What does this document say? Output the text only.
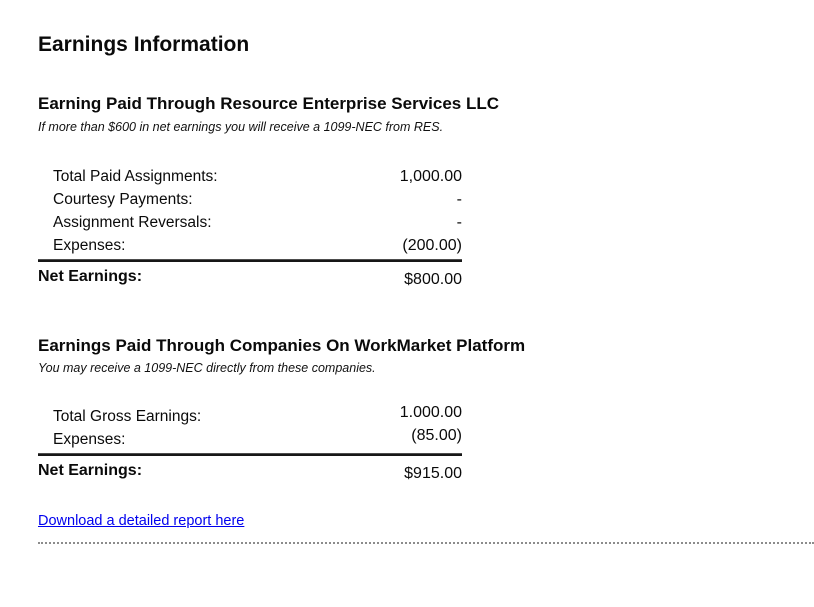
Earnings Information
Earning Paid Through Resource Enterprise Services LLC

If more than $600 in net earnings you will receive a 1099-NEC from RES.

Total Paid Assignments:	1,000.00
Courtesy Payments:	-
Assignment Reversals:	-
Expenses:	(200.00)
Net Earnings:	$800.00
Earnings Paid Through Companies On WorkMarket Platform

You may receive a 1099-NEC directly from these companies.

Total Gross Earnings:	1.000.00
Expenses:	(85.00)
Net Earnings:	$915.00
Download a detailed report here
